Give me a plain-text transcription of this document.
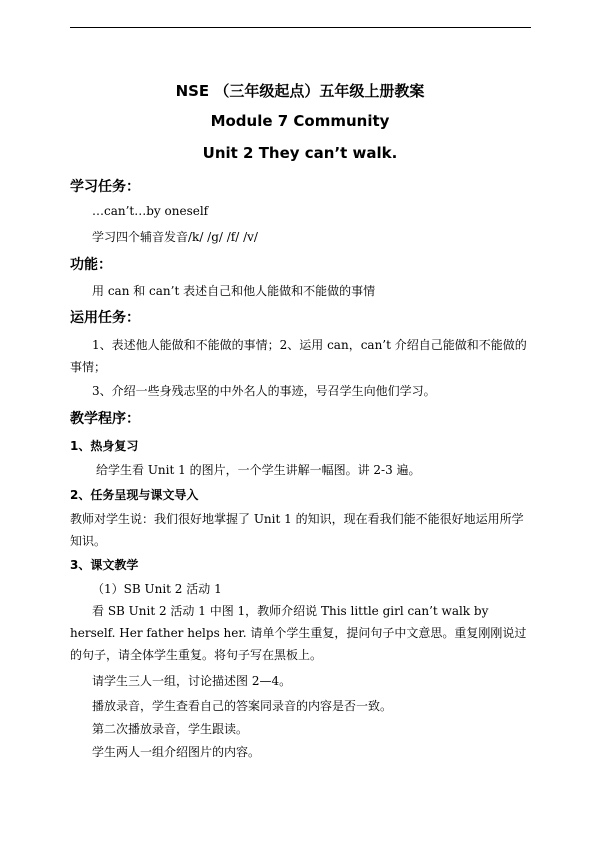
NSE （三年级起点）五年级上册教案
Module 7 Community
Unit 2 They can’t walk.
学习任务：
…can’t…by oneself
学习四个辅音发音/k/ /g/ /f/ /v/
功能：
用 can 和 can’t 表述自己和他人能做和不能做的事情
运用任务：
1、表述他人能做和不能做的事情；2、运用 can，can’t 介绍自己能做和不能做的事情；
3、介绍一些身残志坚的中外名人的事迹，号召学生向他们学习。
教学程序：
1、热身复习
给学生看 Unit 1 的图片，一个学生讲解一幅图。讲 2-3 遍。
2、任务呈现与课文导入
教师对学生说：我们很好地掌握了 Unit 1 的知识，现在看我们能不能很好地运用所学知识。
3、课文教学
（1）SB Unit 2 活动 1
看 SB Unit 2 活动 1 中图 1，教师介绍说 This little girl can’t walk by herself. Her father helps her. 请单个学生重复，提问句子中文意思。重复刚刚说过的句子，请全体学生重复。将句子写在黑板上。
请学生三人一组，讨论描述图 2—4。
播放录音，学生查看自己的答案同录音的内容是否一致。
第二次播放录音，学生跟读。
学生两人一组介绍图片的内容。
